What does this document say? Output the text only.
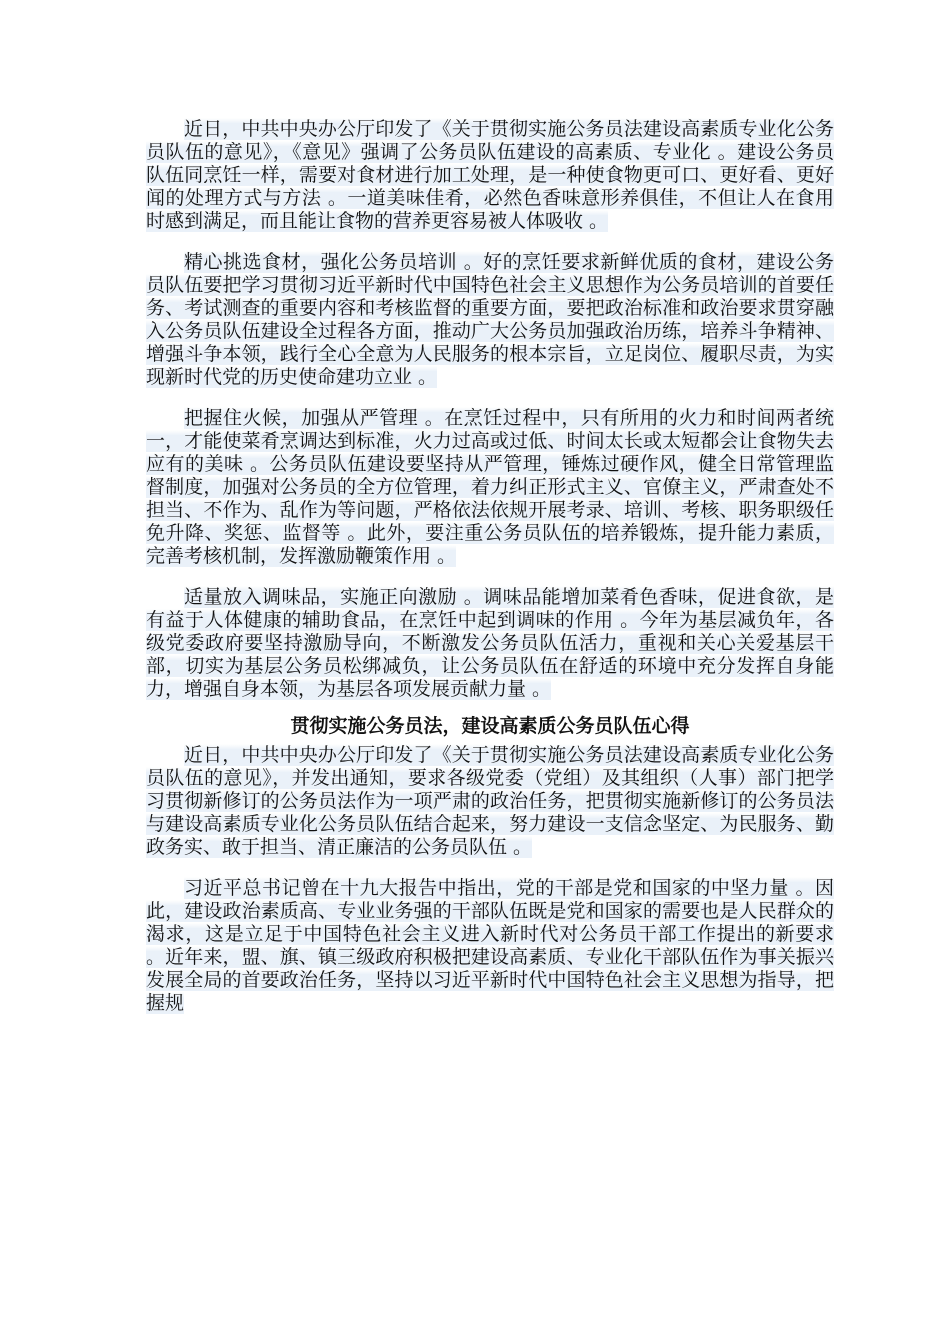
近日，中共中央办公厅印发了《关于贯彻实施公务员法建设高素质专业化公务员队伍的意见》，《意见》强调了公务员队伍建设的高素质、专业化 。建设公务员队伍同烹饪一样，需要对食材进行加工处理，是一种使食物更可口、更好看、更好闻的处理方式与方法 。一道美味佳肴，必然色香味意形养俱佳，不但让人在食用时感到满足，而且能让食物的营养更容易被人体吸收 。

精心挑选食材，强化公务员培训 。好的烹饪要求新鲜优质的食材，建设公务员队伍要把学习贯彻习近平新时代中国特色社会主义思想作为公务员培训的首要任务、考试测查的重要内容和考核监督的重要方面，要把政治标准和政治要求贯穿融入公务员队伍建设全过程各方面，推动广大公务员加强政治历练，培养斗争精神、增强斗争本领，践行全心全意为人民服务的根本宗旨，立足岗位、履职尽责，为实现新时代党的历史使命建功立业 。

把握住火候，加强从严管理 。在烹饪过程中，只有所用的火力和时间两者统一，才能使菜肴烹调达到标准，火力过高或过低、时间太长或太短都会让食物失去应有的美味 。公务员队伍建设要坚持从严管理，锤炼过硬作风，健全日常管理监督制度，加强对公务员的全方位管理，着力纠正形式主义、官僚主义，严肃查处不担当、不作为、乱作为等问题，严格依法依规开展考录、培训、考核、职务职级任免升降、奖惩、监督等 。此外，要注重公务员队伍的培养锻炼，提升能力素质，完善考核机制，发挥激励鞭策作用 。

适量放入调味品，实施正向激励 。调味品能增加菜肴色香味，促进食欲，是有益于人体健康的辅助食品，在烹饪中起到调味的作用 。今年为基层减负年，各级党委政府要坚持激励导向，不断激发公务员队伍活力，重视和关心关爱基层干部，切实为基层公务员松绑减负，让公务员队伍在舒适的环境中充分发挥自身能力，增强自身本领，为基层各项发展贡献力量 。

贯彻实施公务员法，建设高素质公务员队伍心得

近日，中共中央办公厅印发了《关于贯彻实施公务员法建设高素质专业化公务员队伍的意见》，并发出通知，要求各级党委（党组）及其组织（人事）部门把学习贯彻新修订的公务员法作为一项严肃的政治任务，把贯彻实施新修订的公务员法与建设高素质专业化公务员队伍结合起来，努力建设一支信念坚定、为民服务、勤政务实、敢于担当、清正廉洁的公务员队伍 。

习近平总书记曾在十九大报告中指出，党的干部是党和国家的中坚力量 。因此，建设政治素质高、专业业务强的干部队伍既是党和国家的需要也是人民群众的渴求，这是立足于中国特色社会主义进入新时代对公务员干部工作提出的新要求 。近年来，盟、旗、镇三级政府积极把建设高素质、专业化干部队伍作为事关振兴发展全局的首要政治任务，坚持以习近平新时代中国特色社会主义思想为指导，把握规
